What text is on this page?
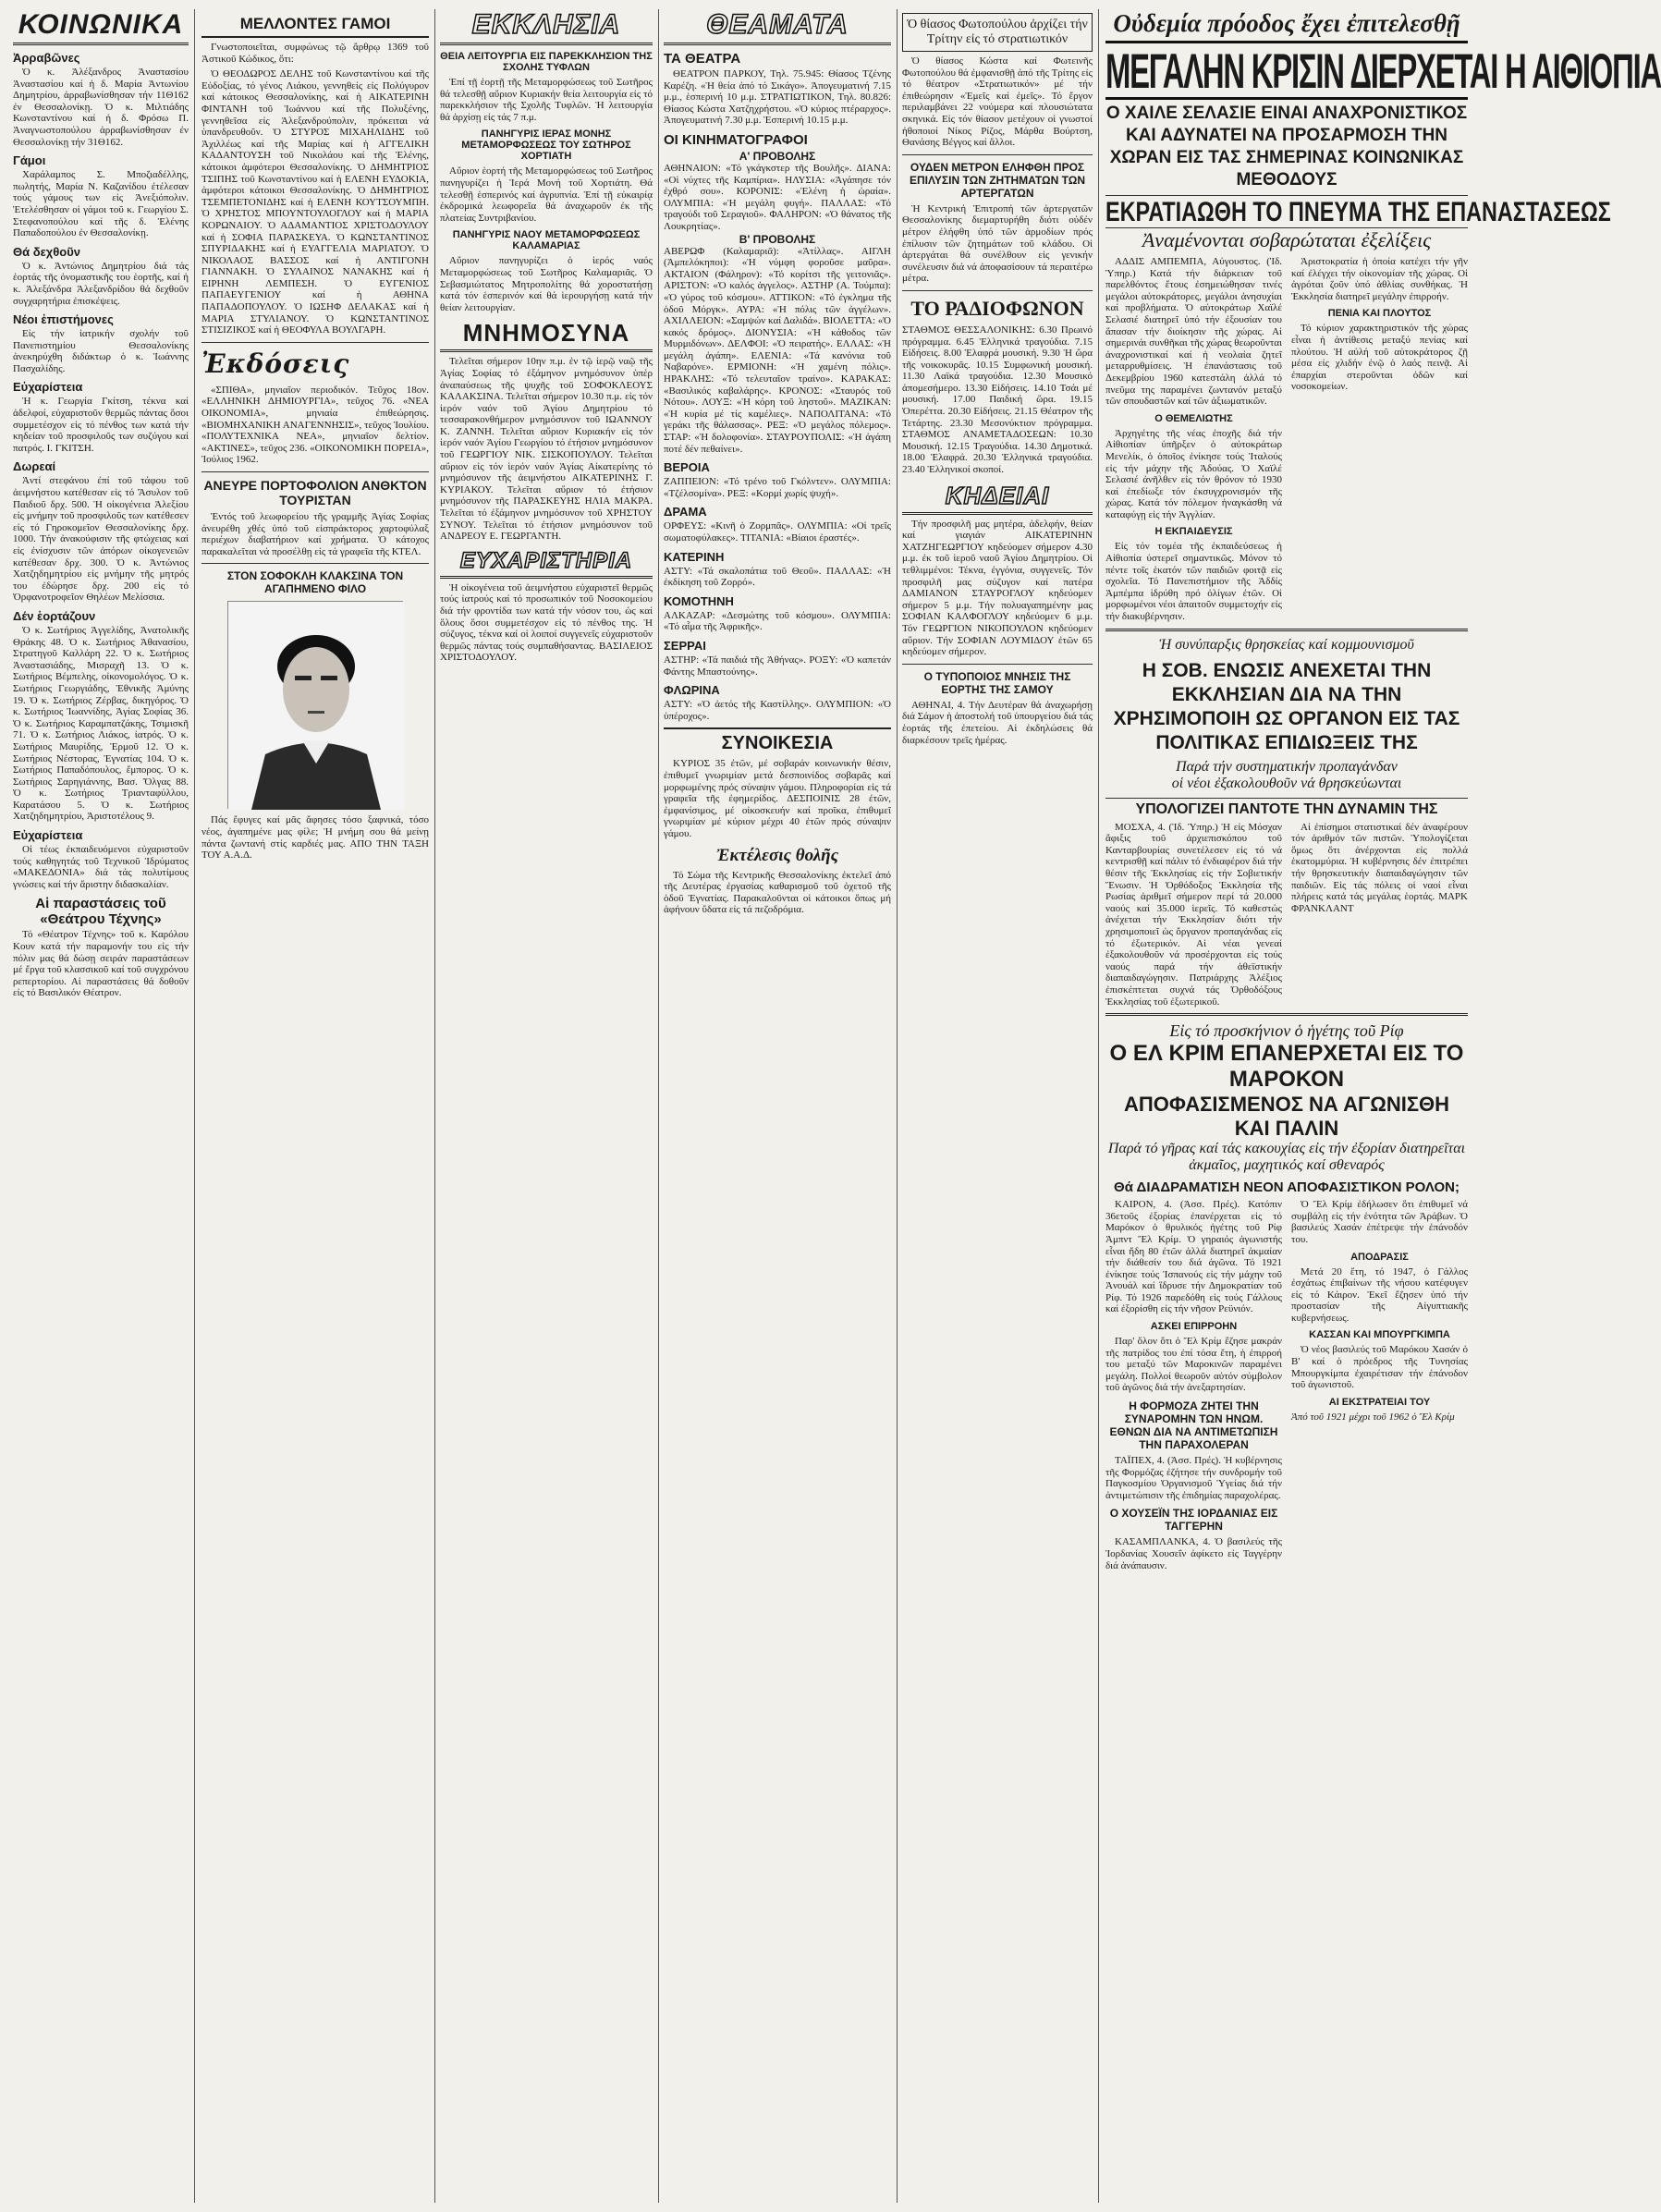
ΚΟΙΝΩΝΙΚΑ
Ἀρραβῶνες
Ὁ κ. Ἀλέξανδρος Ἀναστασίου Ἀναστασίου καί ἡ δ. Μαρία Ἀντωνίου Δημητρίου, ἀρραβωνίσθησαν τήν 11Θ162 ἐν Θεσσαλονίκῃ. Ὁ κ. Μιλτιάδης Κωνσταντίνου καί ἡ δ. Φρόσω Π. Ἀναγνωστοπούλου ἀρραβωνίσθησαν ἐν Θεσσαλονίκῃ τήν 31Θ162.
Γάμοι
Χαράλαμπος Σ. Μποζιαδέλλης, πωλητής, Μαρία Ν. Καζανίδου ἐτέλεσαν τούς γάμους των εἰς Ἀνεξιόπολιν. Ἐτελέσθησαν οἱ γάμοι τοῦ κ. Γεωργίου Σ. Στεφανοπούλου καί τῆς δ. Ἑλένης Παπαδοπούλου ἐν Θεσσαλονίκῃ.
Θά δεχθοῦν
Ὁ κ. Ἀντώνιος Δημητρίου διά τάς ἑορτάς τῆς ὀνομαστικῆς του ἑορτῆς, καί ἡ κ. Ἀλεξάνδρα Ἀλεξανδρίδου θά δεχθοῦν συγχαρητήρια ἐπισκέψεις.
Νέοι ἐπιστήμονες
Εἰς τήν ἰατρικήν σχολήν τοῦ Πανεπιστημίου Θεσσαλονίκης ἀνεκηρύχθη διδάκτωρ ὁ κ. Ἰωάννης Πασχαλίδης.
Εὐχαρίστεια
Ἡ κ. Γεωργία Γκίτση, τέκνα καί ἀδελφοί, εὐχαριστοῦν θερμῶς πάντας ὅσοι συμμετέσχον εἰς τό πένθος των κατά τήν κηδείαν τοῦ προσφιλοῦς των συζύγου καί πατρός. Ι. ΓΚΙΤΣΗ.
Δωρεαί
Ἀντί στεφάνου ἐπί τοῦ τάφου τοῦ ἀειμνήστου κατέθεσαν εἰς τό Ἄσυλον τοῦ Παιδιοῦ δρχ. 500. Ἡ οἰκογένεια Ἀλεξίου εἰς μνήμην τοῦ προσφιλοῦς των κατέθεσεν εἰς τό Γηροκομεῖον Θεσσαλονίκης δρχ. 1000. Τήν ἀνακούφισιν τῆς φτώχειας καί εἰς ἐνίσχυσιν τῶν ἀπόρων οἰκογενειῶν κατέθεσαν δρχ. 300. Ὁ κ. Ἀντώνιος Χατζηδημητρίου εἰς μνήμην τῆς μητρός του ἐδώρησε δρχ. 200 εἰς τό Ὀρφανοτροφεῖον Θηλέων Μελίσσια.
Δέν ἑορτάζουν
Ὁ κ. Σωτήριος Ἀγγελίδης, Ἀνατολικῆς Θράκης 48. Ὁ κ. Σωτήριος Ἀθανασίου, Στρατηγοῦ Καλλάρη 22. Ὁ κ. Σωτήριος Ἀναστασιάδης, Μισραχῆ 13. Ὁ κ. Σωτήριος Βέμπελης, οἰκονομολόγος. Ὁ κ. Σωτήριος Γεωργιάδης, Ἐθνικῆς Ἀμύνης 19. Ὁ κ. Σωτήριος Ζέρβας, δικηγόρος. Ὁ κ. Σωτήριος Ἰωαννίδης, Ἀγίας Σοφίας 36. Ὁ κ. Σωτήριος Καραμπατζάκης, Τσιμισκῆ 71. Ὁ κ. Σωτήριος Λιάκος, ἰατρός. Ὁ κ. Σωτήριος Μαυρίδης, Ἑρμοῦ 12. Ὁ κ. Σωτήριος Νέστορας, Ἐγνατίας 104. Ὁ κ. Σωτήριος Παπαδόπουλος, ἔμπορος. Ὁ κ. Σωτήριος Σαρηγιάννης, Βασ. Ὄλγας 88. Ὁ κ. Σωτήριος Τριανταφύλλου, Καρατάσου 5. Ὁ κ. Σωτήριος Χατζηδημητρίου, Ἀριστοτέλους 9.
Εὐχαρίστεια
Οἱ τέως ἐκπαιδευόμενοι εὐχαριστοῦν τούς καθηγητάς τοῦ Τεχνικοῦ Ἱδρύματος «ΜΑΚΕΔΟΝΙΑ» διά τάς πολυτίμους γνώσεις καί τήν ἄριστην διδασκαλίαν.
Αἱ παραστάσεις τοῦ «Θεάτρου Τέχνης»
Τό «Θέατρον Τέχνης» τοῦ κ. Καρόλου Κουν κατά τήν παραμονήν του εἰς τήν πόλιν μας θά δώσῃ σειράν παραστάσεων μέ ἔργα τοῦ κλασσικοῦ καί τοῦ συγχρόνου ρεπερτορίου. Αἱ παραστάσεις θά δοθοῦν εἰς τό Βασιλικόν Θέατρον.
ΜΕΛΛΟΝΤΕΣ ΓΑΜΟΙ
Γνωστοποιεῖται, συμφώνως τῷ ἄρθρῳ 1369 τοῦ Ἀστικοῦ Κώδικος, ὅτι:
Ὁ ΘΕΟΔΩΡΟΣ ΔΕΛΗΣ τοῦ Κωνσταντίνου καί τῆς Εὐδοξίας, τό γένος Λιάκου, γεννηθείς εἰς Πολύγυρον καί κάτοικος Θεσσαλονίκης, καί ἡ ΑΙΚΑΤΕΡΙΝΗ ΦΙΝΤΑΝΗ τοῦ Ἰωάννου καί τῆς Πολυξένης, γεννηθεῖσα εἰς Ἀλεξανδρούπολιν, πρόκειται νά ὑπανδρευθοῦν. Ὁ ΣΤΥΡΟΣ ΜΙΧΑΗΛΙΔΗΣ τοῦ Ἀχιλλέως καί τῆς Μαρίας καί ἡ ΑΓΓΕΛΙΚΗ ΚΑΔΑΝΤΟΥΣΗ τοῦ Νικολάου καί τῆς Ἑλένης, κάτοικοι ἀμφότεροι Θεσσαλονίκης. Ὁ ΔΗΜΗΤΡΙΟΣ ΤΣΙΠΗΣ τοῦ Κωνσταντίνου καί ἡ ΕΛΕΝΗ ΕΥΔΟΚΙΑ, ἀμφότεροι κάτοικοι Θεσσαλονίκης. Ὁ ΔΗΜΗΤΡΙΟΣ ΤΣΕΜΠΕΤΟΝΙΔΗΣ καί ἡ ΕΛΕΝΗ ΚΟΥΤΣΟΥΜΠΗ. Ὁ ΧΡΗΣΤΟΣ ΜΠΟΥΝΤΟΥΛΟΓΛΟΥ καί ἡ ΜΑΡΙΑ ΚΟΡΩΝΑΙΟΥ. Ὁ ΑΔΑΜΑΝΤΙΟΣ ΧΡΙΣΤΟΔΟΥΛΟΥ καί ἡ ΣΟΦΙΑ ΠΑΡΑΣΚΕΥΑ. Ὁ ΚΩΝΣΤΑΝΤΙΝΟΣ ΣΠΥΡΙΔΑΚΗΣ καί ἡ ΕΥΑΓΓΕΛΙΑ ΜΑΡΙΑΤΟΥ. Ὁ ΝΙΚΟΛΑΟΣ ΒΑΣΣΟΣ καί ἡ ΑΝΤΙΓΟΝΗ ΓΙΑΝΝΑΚΗ. Ὁ ΣΥΛΑΙΝΟΣ ΝΑΝΑΚΗΣ καί ἡ ΕΙΡΗΝΗ ΛΕΜΠΕΣΗ. Ὁ ΕΥΓΕΝΙΟΣ ΠΑΠΑΕΥΓΕΝΙΟΥ καί ἡ ΑΘΗΝΑ ΠΑΠΑΔΟΠΟΥΛΟΥ. Ὁ ΙΩΣΗΦ ΔΕΛΑΚΑΣ καί ἡ ΜΑΡΙΑ ΣΤΥΛΙΑΝΟΥ. Ὁ ΚΩΝΣΤΑΝΤΙΝΟΣ ΣΤΙΣΙΖΙΚΟΣ καί ἡ ΘΕΟΦΥΛΑ ΒΟΥΛΓΑΡΗ.
Ἐκδόσεις
«ΣΠΙΘΑ», μηνιαῖον περιοδικόν. Τεῦχος 18ον. «ΕΛΛΗΝΙΚΗ ΔΗΜΙΟΥΡΓΙΑ», τεῦχος 76. «ΝΕΑ ΟΙΚΟΝΟΜΙΑ», μηνιαία ἐπιθεώρησις. «ΒΙΟΜΗΧΑΝΙΚΗ ΑΝΑΓΕΝΝΗΣΙΣ», τεῦχος Ἰουλίου. «ΠΟΛΥΤΕΧΝΙΚΑ ΝΕΑ», μηνιαῖον δελτίον. «ΑΚΤΙΝΕΣ», τεῦχος 236. «ΟΙΚΟΝΟΜΙΚΗ ΠΟΡΕΙΑ», Ἰούλιος 1962.
ΑΝΕΥΡΕ ΠΟΡΤΟΦΟΛΙΟΝ ΑΝΘΚΤΟΝ ΤΟΥΡΙΣΤΑΝ
Ἐντός τοῦ λεωφορείου τῆς γραμμῆς Ἀγίας Σοφίας ἀνευρέθη χθές ὑπό τοῦ εἰσπράκτορος χαρτοφύλαξ περιέχων διαβατήριον καί χρήματα. Ὁ κάτοχος παρακαλεῖται νά προσέλθῃ εἰς τά γραφεῖα τῆς ΚΤΕΛ.
ΣΤΟΝ ΣΟΦΟΚΛΗ ΚΛΑΚΣΙΝΑ ΤΟΝ ΑΓΑΠΗΜΕΝΟ ΦΙΛΟ
Πάς ἔφυγες καί μᾶς ἄφησες τόσο ξαφνικά, τόσο νέος, ἀγαπημένε μας φίλε; Ἡ μνήμη σου θά μείνῃ πάντα ζωντανή στίς καρδιές μας. ΑΠΟ ΤΗΝ ΤΑΞΗ ΤΟΥ Α.Α.Δ.
ΕΚΚΛΗΣΙΑ
ΘΕΙΑ ΛΕΙΤΟΥΡΓΙΑ ΕΙΣ ΠΑΡΕΚΚΛΗΣΙΟΝ ΤΗΣ ΣΧΟΛΗΣ ΤΥΦΛΩΝ
Ἐπί τῇ ἑορτῇ τῆς Μεταμορφώσεως τοῦ Σωτῆρος θά τελεσθῇ αὔριον Κυριακήν θεία λειτουργία εἰς τό παρεκκλήσιον τῆς Σχολῆς Τυφλῶν. Ἡ λειτουργία θά ἀρχίσῃ εἰς τάς 7 π.μ.
ΠΑΝΗΓΥΡΙΣ ΙΕΡΑΣ ΜΟΝΗΣ ΜΕΤΑΜΟΡΦΩΣΕΩΣ ΤΟΥ ΣΩΤΗΡΟΣ ΧΟΡΤΙΑΤΗ
Αὔριον ἑορτή τῆς Μεταμορφώσεως τοῦ Σωτῆρος πανηγυρίζει ἡ Ἱερά Μονή τοῦ Χορτιάτη. Θά τελεσθῇ ἑσπερινός καί ἀγρυπνία. Ἐπί τῇ εὐκαιρίᾳ ἐκδρομικά λεωφορεῖα θά ἀναχωροῦν ἐκ τῆς πλατείας Συντριβανίου.
ΠΑΝΗΓΥΡΙΣ ΝΑΟΥ ΜΕΤΑΜΟΡΦΩΣΕΩΣ ΚΑΛΑΜΑΡΙΑΣ
Αὔριον πανηγυρίζει ὁ ἱερός ναός Μεταμορφώσεως τοῦ Σωτῆρος Καλαμαριᾶς. Ὁ Σεβασμιώτατος Μητροπολίτης θά χοροστατήσῃ κατά τόν ἑσπερινόν καί θά ἱερουργήσῃ κατά τήν θείαν λειτουργίαν.
ΜΝΗΜΟΣΥΝΑ
Τελεῖται σήμερον 10ην π.μ. ἐν τῷ ἱερῷ ναῷ τῆς Ἁγίας Σοφίας τό ἐξάμηνον μνημόσυνον ὑπέρ ἀναπαύσεως τῆς ψυχῆς τοῦ ΣΟΦΟΚΛΕΟΥΣ ΚΑΛΑΚΣΙΝΑ. Τελεῖται σήμερον 10.30 π.μ. εἰς τόν ἱερόν ναόν τοῦ Ἁγίου Δημητρίου τό τεσσαρακονθήμερον μνημόσυνον τοῦ ΙΩΑΝΝΟΥ Κ. ΖΑΝΝΗ. Τελεῖται αὔριον Κυριακήν εἰς τόν ἱερόν ναόν Ἁγίου Γεωργίου τό ἐτήσιον μνημόσυνον τοῦ ΓΕΩΡΓΙΟΥ ΝΙΚ. ΣΙΣΚΟΠΟΥΛΟΥ. Τελεῖται αὔριον εἰς τόν ἱερόν ναόν Ἁγίας Αἰκατερίνης τό μνημόσυνον τῆς ἀειμνήστου ΑΙΚΑΤΕΡΙΝΗΣ Γ. ΚΥΡΙΑΚΟΥ. Τελεῖται αὔριον τό ἐτήσιον μνημόσυνον τῆς ΠΑΡΑΣΚΕΥΗΣ ΗΛΙΑ ΜΑΚΡΑ. Τελεῖται τό ἐξάμηνον μνημόσυνον τοῦ ΧΡΗΣΤΟΥ ΣΥΝΟΥ. Τελεῖται τό ἐτήσιον μνημόσυνον τοῦ ΑΝΔΡΕΟΥ Ε. ΓΕΩΡΓΑΝΤΗ.
ΕΥΧΑΡΙΣΤΗΡΙΑ
Ἡ οἰκογένεια τοῦ ἀειμνήστου εὐχαριστεῖ θερμῶς τούς ἰατρούς καί τό προσωπικόν τοῦ Νοσοκομείου διά τήν φροντίδα των κατά τήν νόσον του, ὡς καί ὅλους ὅσοι συμμετέσχον εἰς τό πένθος της. Ἡ σύζυγος, τέκνα καί οἱ λοιποί συγγενεῖς εὐχαριστοῦν θερμῶς πάντας τούς συμπαθήσαντας. ΒΑΣΙΛΕΙΟΣ ΧΡΙΣΤΟΔΟΥΛΟΥ.
ΘΕΑΜΑΤΑ
ΤΑ ΘΕΑΤΡΑ
ΘΕΑΤΡΟΝ ΠΑΡΚΟΥ, Τηλ. 75.945: Θίασος Τζένης Καρέζη. «Ἡ θεία ἀπό τό Σικάγο». Ἀπογευματινή 7.15 μ.μ., ἑσπερινή 10 μ.μ. ΣΤΡΑΤΙΩΤΙΚΟΝ, Τηλ. 80.826: Θίασος Κώστα Χατζηχρήστου. «Ὁ κύριος πτέραρχος». Ἀπογευματινή 7.30 μ.μ. Ἑσπερινή 10.15 μ.μ.
ΟΙ ΚΙΝΗΜΑΤΟΓΡΑΦΟΙ
Α' ΠΡΟΒΟΛΗΣ
ΑΘΗΝΑΙΟΝ: «Τό γκάγκστερ τῆς Βουλῆς». ΔΙΑΝΑ: «Οἱ νύχτες τῆς Καμπίρια». ΗΛΥΣΙΑ: «Ἀγάπησε τόν ἐχθρό σου». ΚΟΡΟΝΙΣ: «Ἑλένη ἡ ὡραία». ΟΛΥΜΠΙΑ: «Ἡ μεγάλη φυγή». ΠΑΛΛΑΣ: «Τό τραγούδι τοῦ Σεραγιοῦ». ΦΑΛΗΡΟΝ: «Ὁ θάνατος τῆς Λουκρητίας».
Β' ΠΡΟΒΟΛΗΣ
ΑΒΕΡΩΦ (Καλαμαριᾶ): «Ἀτίλλας». ΑΙΓΛΗ (Ἀμπελόκηποι): «Ἡ νύμφη φοροῦσε μαῦρα». ΑΚΤΑΙΟΝ (Φάληρον): «Τό κορίτσι τῆς γειτονιᾶς». ΑΡΙΣΤΟΝ: «Ὁ καλός ἀγγελος». ΑΣΤΗΡ (Α. Τούμπα): «Ὁ γύρος τοῦ κόσμου». ΑΤΤΙΚΟΝ: «Τό ἐγκλημα τῆς ὁδοῦ Μόργκ». ΑΥΡΑ: «Ἡ πόλις τῶν ἀγγέλων». ΑΧΙΛΛΕΙΟΝ: «Σαμψών καί Δαλιδά». ΒΙΟΛΕΤΤΑ: «Ὁ κακός δρόμος». ΔΙΟΝΥΣΙΑ: «Ἡ κάθοδος τῶν Μυρμιδόνων». ΔΕΛΦΟΙ: «Ὁ πειρατής». ΕΛΛΑΣ: «Ἡ μεγάλη ἀγάπη». ΕΛΕΝΙΑ: «Τά κανόνια τοῦ Ναβαρόνε». ΕΡΜΙΟΝΗ: «Ἡ χαμένη πόλις». ΗΡΑΚΛΗΣ: «Τό τελευταῖον τραίνο». ΚΑΡΑΚΑΣ: «Βασιλικός καβαλάρης». ΚΡΟΝΟΣ: «Σταυρός τοῦ Νότου». ΛΟΥΞ: «Ἡ κόρη τοῦ ληστοῦ». ΜΑΖΙΚΑΝ: «Ἡ κυρία μέ τίς καμέλιες». ΝΑΠΟΛΙΤΑΝΑ: «Τό γεράκι τῆς θάλασσας». ΡΕΞ: «Ὁ μεγάλος πόλεμος». ΣΤΑΡ: «Ἡ δολοφονία». ΣΤΑΥΡΟΥΠΟΛΙΣ: «Ἡ ἀγάπη ποτέ δέν πεθαίνει».
ΒΕΡΟΙΑ
ΖΑΠΠΕΙΟΝ: «Τό τρένο τοῦ Γκόλντεν». ΟΛΥΜΠΙΑ: «Τζέλσομίνα». ΡΕΞ: «Κορμί χωρίς ψυχή».
ΔΡΑΜΑ
ΟΡΦΕΥΣ: «Κινῆ ὁ Ζορμπᾶς». ΟΛΥΜΠΙΑ: «Οἱ τρεῖς σωματοφύλακες». ΤΙΤΑΝΙΑ: «Βίαιοι ἐραστές».
ΚΑΤΕΡΙΝΗ
ΑΣΤΥ: «Τά σκαλοπάτια τοῦ Θεοῦ». ΠΑΛΛΑΣ: «Ἡ ἐκδίκηση τοῦ Ζορρό».
ΚΟΜΟΤΗΝΗ
ΑΛΚΑΖΑΡ: «Δεσμώτης τοῦ κόσμου». ΟΛΥΜΠΙΑ: «Τό αἷμα τῆς Ἀφρικῆς».
ΣΕΡΡΑΙ
ΑΣΤΗΡ: «Τά παιδιά τῆς Ἀθήνας». ΡΟΞΥ: «Ὁ καπετάν Φάντης Μπαστούνης».
ΦΛΩΡΙΝΑ
ΑΣΤΥ: «Ὁ ἀετός τῆς Καστίλλης». ΟΛΥΜΠΙΟΝ: «Ὁ ὑπέροχος».
ΣΥΝΟΙΚΕΣΙΑ
ΚΥΡΙΟΣ 35 ἐτῶν, μέ σοβαράν κοινωνικήν θέσιν, ἐπιθυμεῖ γνωριμίαν μετά δεσποινίδος σοβαρᾶς καί μορφωμένης πρός σύναψιν γάμου. Πληροφορίαι εἰς τά γραφεῖα τῆς ἐφημερίδος. ΔΕΣΠΟΙΝΙΣ 28 ἐτῶν, ἐμφανίσιμος, μέ οἰκοσκευήν καί προῖκα, ἐπιθυμεῖ γνωριμίαν μέ κύριον μέχρι 40 ἐτῶν πρός σύναψιν γάμου.
Ἐκτέλεσις θολῆς
Τό Σώμα τῆς Κεντρικῆς Θεσσαλονίκης ἐκτελεῖ ἀπό τῆς Δευτέρας ἐργασίας καθαρισμοῦ τοῦ ὀχετοῦ τῆς ὁδοῦ Ἐγνατίας. Παρακαλοῦνται οἱ κάτοικοι ὅπως μή ἀφήνουν ὕδατα εἰς τά πεζοδρόμια.
Ὁ θίασος Φωτοπούλου ἀρχίζει τήν Τρίτην εἰς τό στρατιωτικόν
Ὁ θίασος Κώστα καί Φωτεινῆς Φωτοπούλου θά ἐμφανισθῇ ἀπό τῆς Τρίτης εἰς τό θέατρον «Στρατιωτικόν» μέ τήν ἐπιθεώρησιν «Ἐμεῖς καί ἐμεῖς». Τό ἔργον περιλαμβάνει 22 νούμερα καί πλουσιώτατα σκηνικά. Εἰς τόν θίασον μετέχουν οἱ γνωστοί ἠθοποιοί Νίκος Ρίζος, Μάρθα Βούρτση, Θανάσης Βέγγος καί ἄλλοι.
ΟΥΔΕΝ ΜΕΤΡΟΝ ΕΛΗΦΘΗ ΠΡΟΣ ΕΠΙΛΥΣΙΝ ΤΩΝ ΖΗΤΗΜΑΤΩΝ ΤΩΝ ΑΡΤΕΡΓΑΤΩΝ
Ἡ Κεντρική Ἐπιτροπή τῶν ἀρτεργατῶν Θεσσαλονίκης διεμαρτυρήθη διότι οὐδέν μέτρον ἐλήφθη ὑπό τῶν ἁρμοδίων πρός ἐπίλυσιν τῶν ζητημάτων τοῦ κλάδου. Οἱ ἀρτεργάται θά συνέλθουν εἰς γενικήν συνέλευσιν διά νά ἀποφασίσουν τά περαιτέρω μέτρα.
ΤΟ ΡΑΔΙΟΦΩΝΟΝ
ΣΤΑΘΜΟΣ ΘΕΣΣΑΛΟΝΙΚΗΣ: 6.30 Πρωινό πρόγραμμα. 6.45 Ἑλληνικά τραγούδια. 7.15 Εἰδήσεις. 8.00 Ἐλαφρά μουσική. 9.30 Ἡ ὥρα τῆς νοικοκυρᾶς. 10.15 Συμφωνική μουσική. 11.30 Λαϊκά τραγούδια. 12.30 Μουσικό ἀπομεσήμερο. 13.30 Εἰδήσεις. 14.10 Τσάι μέ μουσική. 17.00 Παιδική ὥρα. 19.15 Ὀπερέττα. 20.30 Εἰδήσεις. 21.15 Θέατρον τῆς Τετάρτης. 23.30 Μεσονύκτιον πρόγραμμα. ΣΤΑΘΜΟΣ ΑΝΑΜΕΤΑΔΟΣΕΩΝ: 10.30 Μουσική. 12.15 Τραγούδια. 14.30 Δημοτικά. 18.00 Ἐλαφρά. 20.30 Ἑλληνικά τραγούδια. 23.40 Ἑλληνικοί σκοποί.
ΚΗΔΕΙΑΙ
Τήν προσφιλῆ μας μητέρα, ἀδελφήν, θείαν καί γιαγιάν ΑΙΚΑΤΕΡΙΝΗΝ ΧΑΤΖΗΓΕΩΡΓΙΟΥ κηδεύομεν σήμερον 4.30 μ.μ. ἐκ τοῦ ἱεροῦ ναοῦ Ἁγίου Δημητρίου. Οἱ τεθλιμμένοι: Τέκνα, ἐγγόνια, συγγενεῖς. Τόν προσφιλῆ μας σύζυγον καί πατέρα ΔΑΜΙΑΝΟΝ ΣΤΑΥΡΟΓΛΟΥ κηδεύομεν σήμερον 5 μ.μ. Τήν πολυαγαπημένην μας ΣΟΦΙΑΝ ΚΑΛΦΟΓΛΟΥ κηδεύομεν 6 μ.μ. Τόν ΓΕΩΡΓΙΟΝ ΝΙΚΟΠΟΥΛΟΝ κηδεύομεν αὔριον. Τήν ΣΟΦΙΑΝ ΛΟΥΜΙΔΟΥ ἐτῶν 65 κηδεύομεν σήμερον.
Ο ΤΥΠΟΠΟΙΟΣ ΜΝΗΣΙΣ ΤΗΣ ΕΟΡΤΗΣ ΤΗΣ ΣΑΜΟΥ
ΑΘΗΝΑΙ, 4. Τήν Δευτέραν θά ἀναχωρήσῃ διά Σάμον ἡ ἀποστολή τοῦ ὑπουργείου διά τάς ἑορτάς τῆς ἐπετείου. Αἱ ἐκδηλώσεις θά διαρκέσουν τρεῖς ἡμέρας.
Οὐδεμία πρόοδος ἔχει ἐπιτελεσθῇ
ΜΕΓΑΛΗΝ ΚΡΙΣΙΝ ΔΙΕΡΧΕΤΑΙ Η ΑΙΘΙΟΠΙΑ
Ο ΧΑΙΛΕ ΣΕΛΑΣΙΕ ΕΙΝΑΙ ΑΝΑΧΡΟΝΙΣΤΙΚΟΣ ΚΑΙ ΑΔΥΝΑΤΕΙ ΝΑ ΠΡΟΣΑΡΜΟΣΗ ΤΗΝ ΧΩΡΑΝ ΕΙΣ ΤΑΣ ΣΗΜΕΡΙΝΑΣ ΚΟΙΝΩΝΙΚΑΣ ΜΕΘΟΔΟΥΣ
ΕΚΡΑΤΙΑΩΘΗ ΤΟ ΠΝΕΥΜΑ ΤΗΣ ΕΠΑΝΑΣΤΑΣΕΩΣ
Ἀναμένονται σοβαρώταται ἐξελίξεις
ΑΔΔΙΣ ΑΜΠΕΜΠΑ, Αὐγουστος. (Ἰδ. Ὑπηρ.) Κατά τήν διάρκειαν τοῦ παρελθόντος ἔτους ἐσημειώθησαν τινές μεγάλοι αὐτοκράτορες, μεγάλοι ἀνησυχίαι καί προβλήματα. Ὁ αὐτοκράτωρ Χαϊλέ Σελασιέ διατηρεῖ ὑπό τήν ἐξουσίαν του ἅπασαν τήν διοίκησιν τῆς χώρας. Αἱ σημερινάι συνθῆκαι τῆς χώρας θεωροῦνται ἀναχρονιστικαί καί ἡ νεολαία ζητεῖ μεταρρυθμίσεις. Ἡ ἐπανάστασις τοῦ Δεκεμβρίου 1960 κατεστάλη ἀλλά τό πνεῦμα της παραμένει ζωντανόν μεταξύ τῶν σπουδαστῶν καί τῶν ἀξιωματικῶν.
Ο ΘΕΜΕΛΙΩΤΗΣ
Ἀρχηγέτης τῆς νέας ἐποχῆς διά τήν Αἰθιοπίαν ὑπῆρξεν ὁ αὐτοκράτωρ Μενελίκ, ὁ ὁποῖος ἐνίκησε τούς Ἰταλούς εἰς τήν μάχην τῆς Ἀδούας. Ὁ Χαϊλέ Σελασιέ ἀνῆλθεν εἰς τόν θρόνον τό 1930 καί ἐπεδίωξε τόν ἐκσυγχρονισμόν τῆς χώρας. Κατά τόν πόλεμον ἠναγκάσθη νά καταφύγῃ εἰς τήν Ἀγγλίαν.
Η ΕΚΠΑΙΔΕΥΣΙΣ
Εἰς τόν τομέα τῆς ἐκπαιδεύσεως ἡ Αἰθιοπία ὑστερεῖ σημαντικῶς. Μόνον τό πέντε τοῖς ἑκατόν τῶν παιδιῶν φοιτᾷ εἰς σχολεῖα. Τό Πανεπιστήμιον τῆς Ἀδδίς Ἀμπέμπα ἱδρύθη πρό ὀλίγων ἐτῶν. Οἱ μορφωμένοι νέοι ἀπαιτοῦν συμμετοχήν εἰς τήν διακυβέρνησιν.
Ἀριστοκρατία ἡ ὁποία κατέχει τήν γῆν καί ἐλέγχει τήν οἰκονομίαν τῆς χώρας. Οἱ ἀγρόται ζοῦν ὑπό ἀθλίας συνθήκας. Ἡ Ἐκκλησία διατηρεῖ μεγάλην ἐπιρροήν.
ΠΕΝΙΑ ΚΑΙ ΠΛΟΥΤΟΣ
Τό κύριον χαρακτηριστικόν τῆς χώρας εἶναι ἡ ἀντίθεσις μεταξύ πενίας καί πλούτου. Ἡ αὐλή τοῦ αὐτοκράτορος ζῇ μέσα εἰς χλιδήν ἐνῷ ὁ λαός πεινᾷ. Αἱ ἐπαρχίαι στεροῦνται ὁδῶν καί νοσοκομείων.
Ἡ συνύπαρξις θρησκείας καί κομμουνισμοῦ
Η ΣΟΒ. ΕΝΩΣΙΣ ΑΝΕΧΕΤΑΙ ΤΗΝ ΕΚΚΛΗΣΙΑΝ ΔΙΑ ΝΑ ΤΗΝ ΧΡΗΣΙΜΟΠΟΙΗ ΩΣ ΟΡΓΑΝΟΝ ΕΙΣ ΤΑΣ ΠΟΛΙΤΙΚΑΣ ΕΠΙΔΙΩΞΕΙΣ ΤΗΣ
Παρά τήν συστηματικήν προπαγάνδαν
οἱ νέοι ἐξακολουθοῦν νά θρησκεύωνται
ΥΠΟΛΟΓΙΖΕΙ ΠΑΝΤΟΤΕ ΤΗΝ ΔΥΝΑΜΙΝ ΤΗΣ
ΜΟΣΧΑ, 4. (Ἰδ. Ὑπηρ.) Ἡ εἰς Μόσχαν ἄφιξις τοῦ ἀρχιεπισκόπου τοῦ Κανταρβουρίας συνετέλεσεν εἰς τό νά κεντρισθῇ καί πάλιν τό ἐνδιαφέρον διά τήν θέσιν τῆς Ἐκκλησίας εἰς τήν Σοβιετικήν Ἕνωσιν. Ἡ Ὀρθόδοξος Ἐκκλησία τῆς Ρωσίας ἀριθμεῖ σήμερον περί τά 20.000 ναούς καί 35.000 ἱερεῖς. Τό καθεστώς ἀνέχεται τήν Ἐκκλησίαν διότι τήν χρησιμοποιεῖ ὡς ὄργανον προπαγάνδας εἰς τό ἐξωτερικόν. Αἱ νέαι γενεαί ἐξακολουθοῦν νά προσέρχονται εἰς τούς ναούς παρά τήν ἀθεϊστικήν διαπαιδαγώγησιν. Πατριάρχης Ἀλέξιος ἐπισκέπτεται συχνά τάς Ὀρθοδόξους Ἐκκλησίας τοῦ ἐξωτερικοῦ.
Αἱ ἐπίσημοι στατιστικαί δέν ἀναφέρουν τόν ἀριθμόν τῶν πιστῶν. Ὑπολογίζεται ὅμως ὅτι ἀνέρχονται εἰς πολλά ἑκατομμύρια. Ἡ κυβέρνησις δέν ἐπιτρέπει τήν θρησκευτικήν διαπαιδαγώγησιν τῶν παιδιῶν. Εἰς τάς πόλεις οἱ ναοί εἶναι πλήρεις κατά τάς μεγάλας ἑορτάς. ΜΑΡΚ ΦΡΑΝΚΛΑΝΤ
Εἰς τό προσκήνιον ὁ ἡγέτης τοῦ Ρίφ
Ο ΕΛ ΚΡΙΜ ΕΠΑΝΕΡΧΕΤΑΙ ΕΙΣ ΤΟ ΜΑΡΟΚΟΝ
ΑΠΟΦΑΣΙΣΜΕΝΟΣ ΝΑ ΑΓΩΝΙΣΘΗ ΚΑΙ ΠΑΛΙΝ
Παρά τό γῆρας καί τάς κακουχίας εἰς τήν ἐξορίαν διατηρεῖται ἀκμαῖος, μαχητικός καί σθεναρός
Θά ΔΙΑΔΡΑΜΑΤΙΣΗ ΝΕΟΝ ΑΠΟΦΑΣΙΣΤΙΚΟΝ ΡΟΛΟΝ;
ΚΑΙΡΟΝ, 4. (Ἀσσ. Πρές). Κατόπιν 36ετοῦς ἐξορίας ἐπανέρχεται εἰς τό Μαρόκον ὁ θρυλικός ἡγέτης τοῦ Ρίφ Ἀμπντ Ἔλ Κρίμ. Ὁ γηραιός ἀγωνιστής εἶναι ἤδη 80 ἐτῶν ἀλλά διατηρεῖ ἀκμαίαν τήν διάθεσίν του διά ἀγῶνα. Τό 1921 ἐνίκησε τούς Ἱσπανούς εἰς τήν μάχην τοῦ Ἀνουάλ καί ἵδρυσε τήν Δημοκρατίαν τοῦ Ρίφ. Τό 1926 παρεδόθη εἰς τούς Γάλλους καί ἐξορίσθη εἰς τήν νῆσον Ρεϋνιόν.
ΑΣΚΕΙ ΕΠΙΡΡΟΗΝ
Παρ' ὅλον ὅτι ὁ Ἔλ Κρίμ ἔζησε μακράν τῆς πατρίδος του ἐπί τόσα ἔτη, ἡ ἐπιρροή του μεταξύ τῶν Μαροκινῶν παραμένει μεγάλη. Πολλοί θεωροῦν αὐτόν σύμβολον τοῦ ἀγῶνος διά τήν ἀνεξαρτησίαν.
Η ΦΟΡΜΟΖΑ ΖΗΤΕΙ ΤΗΝ ΣΥΝΑΡΟΜΗΝ ΤΩΝ ΗΝΩΜ. ΕΘΝΩΝ ΔΙΑ ΝΑ ΑΝΤΙΜΕΤΩΠΙΣΗ ΤΗΝ ΠΑΡΑΧΟΛΕΡΑΝ
ΤΑΪΠΕΧ, 4. (Ἀσσ. Πρές). Ἡ κυβέρνησις τῆς Φορμόζας ἐζήτησε τήν συνδρομήν τοῦ Παγκοσμίου Ὀργανισμοῦ Ὑγείας διά τήν ἀντιμετώπισιν τῆς ἐπιδημίας παραχολέρας.
Ο ΧΟΥΣΕΪΝ ΤΗΣ ΙΟΡΔΑΝΙΑΣ ΕΙΣ ΤΑΓΓΕΡΗΝ
ΚΑΣΑΜΠΛΑΝΚΑ, 4. Ὁ βασιλεύς τῆς Ἰορδανίας Χουσεΐν ἀφίκετο εἰς Ταγγέρην διά ἀνάπαυσιν.
Ὁ Ἔλ Κρίμ ἐδήλωσεν ὅτι ἐπιθυμεῖ νά συμβάλῃ εἰς τήν ἑνότητα τῶν Ἀράβων. Ὁ βασιλεύς Χασάν ἐπέτρεψε τήν ἐπάνοδόν του.
ΑΠΟΔΡΑΣΙΣ
Μετά 20 ἔτη, τό 1947, ὁ Γάλλος ἐσχάτως ἐπιβαίνων τῆς νήσου κατέφυγεν εἰς τό Κάιρον. Ἐκεῖ ἔζησεν ὑπό τήν προστασίαν τῆς Αἰγυπτιακῆς κυβερνήσεως.
ΚΑΣΣΑΝ ΚΑΙ ΜΠΟΥΡΓΚΙΜΠΑ
Ὁ νέος βασιλεύς τοῦ Μαρόκου Χασάν ὁ Β' καί ὁ πρόεδρος τῆς Τυνησίας Μπουργκίμπα ἐχαιρέτισαν τήν ἐπάνοδον τοῦ ἀγωνιστοῦ.
ΑΙ ΕΚΣΤΡΑΤΕΙΑΙ ΤΟΥ
Ἀπό τοῦ 1921 μέχρι τοῦ 1962 ὁ Ἔλ Κρίμ
